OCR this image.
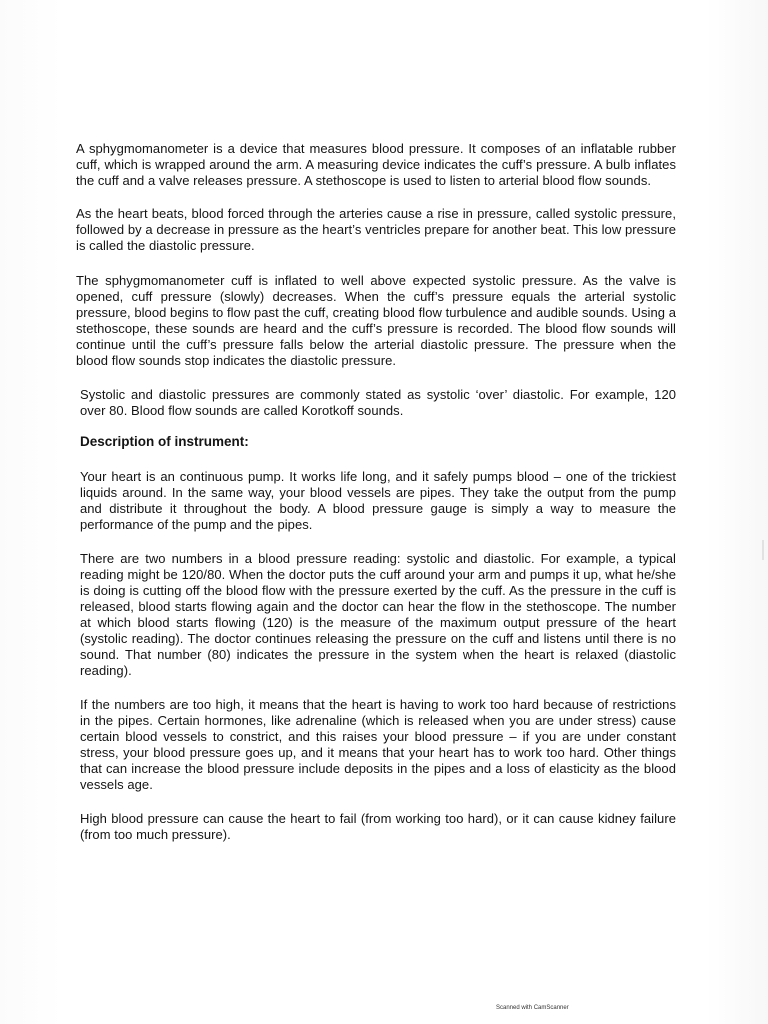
A sphygmomanometer is a device that measures blood pressure. It composes of an inflatable rubber cuff, which is wrapped around the arm. A measuring device indicates the cuff’s pressure. A bulb inflates the cuff and a valve releases pressure. A stethoscope is used to listen to arterial blood flow sounds.

As the heart beats, blood forced through the arteries cause a rise in pressure, called systolic pressure, followed by a decrease in pressure as the heart’s ventricles prepare for another beat. This low pressure is called the diastolic pressure.

The sphygmomanometer cuff is inflated to well above expected systolic pressure. As the valve is opened, cuff pressure (slowly) decreases. When the cuff’s pressure equals the arterial systolic pressure, blood begins to flow past the cuff, creating blood flow turbulence and audible sounds. Using a stethoscope, these sounds are heard and the cuff’s pressure is recorded. The blood flow sounds will continue until the cuff’s pressure falls below the arterial diastolic pressure. The pressure when the blood flow sounds stop indicates the diastolic pressure.

Systolic and diastolic pressures are commonly stated as systolic ‘over’ diastolic. For example, 120 over 80. Blood flow sounds are called Korotkoff sounds.

Description of instrument:

Your heart is an continuous pump. It works life long, and it safely pumps blood – one of the trickiest liquids around. In the same way, your blood vessels are pipes. They take the output from the pump and distribute it throughout the body. A blood pressure gauge is simply a way to measure the performance of the pump and the pipes.

There are two numbers in a blood pressure reading: systolic and diastolic. For example, a typical reading might be 120/80. When the doctor puts the cuff around your arm and pumps it up, what he/she is doing is cutting off the blood flow with the pressure exerted by the cuff. As the pressure in the cuff is released, blood starts flowing again and the doctor can hear the flow in the stethoscope. The number at which blood starts flowing (120) is the measure of the maximum output pressure of the heart (systolic reading). The doctor continues releasing the pressure on the cuff and listens until there is no sound. That number (80) indicates the pressure in the system when the heart is relaxed (diastolic reading).

If the numbers are too high, it means that the heart is having to work too hard because of restrictions in the pipes. Certain hormones, like adrenaline (which is released when you are under stress) cause certain blood vessels to constrict, and this raises your blood pressure – if you are under constant stress, your blood pressure goes up, and it means that your heart has to work too hard. Other things that can increase the blood pressure include deposits in the pipes and a loss of elasticity as the blood vessels age.

High blood pressure can cause the heart to fail (from working too hard), or it can cause kidney failure (from too much pressure).

Scanned with CamScanner
